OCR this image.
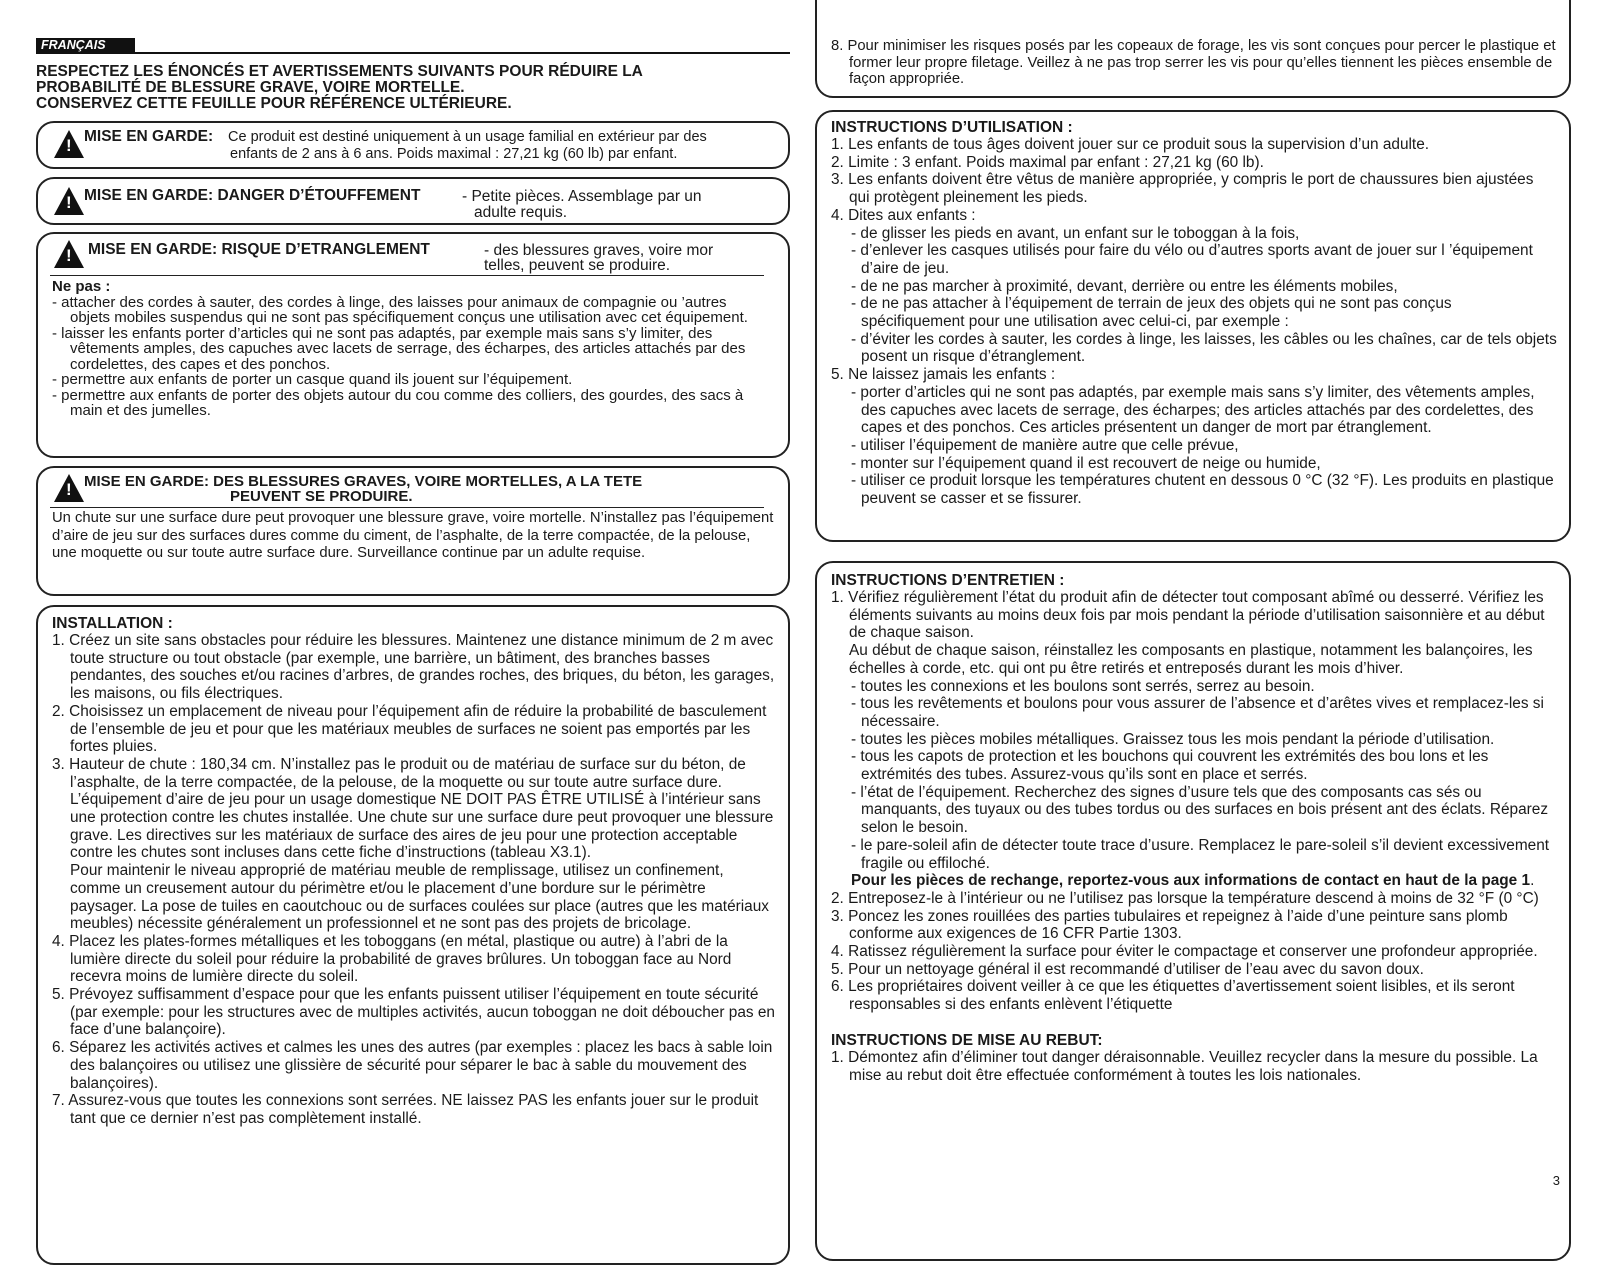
FRANÇAIS
RESPECTEZ LES ÉNONCÉS ET AVERTISSEMENTS SUIVANTS POUR RÉDUIRE LA
PROBABILITÉ DE BLESSURE GRAVE, VOIRE MORTELLE.
CONSERVEZ CETTE FEUILLE POUR RÉFÉRENCE ULTÉRIEURE.
! MISE EN GARDE: Ce produit est destiné uniquement à un usage familial en extérieur par des
enfants de 2 ans à 6 ans. Poids maximal : 27,21 kg (60 lb) par enfant.
! MISE EN GARDE: DANGER D’ÉTOUFFEMENT	- Petite pièces. Assemblage par un
adulte requis.
! MISE EN GARDE: RISQUE D’ETRANGLEMENT	- des blessures graves, voire mor
telles, peuvent se produire.
Ne pas :
- attacher des cordes à sauter, des cordes à linge, des laisses pour animaux de compagnie ou ’autres objets mobiles suspendus qui ne sont pas spécifiquement conçus une utilisation avec cet équipement.
- laisser les enfants porter d’articles qui ne sont pas adaptés, par exemple mais sans s’y limiter, des vêtements amples, des capuches avec lacets de serrage, des écharpes, des articles attachés par des cordelettes, des capes et des ponchos.
- permettre aux enfants de porter un casque quand ils jouent sur l’équipement.
- permettre aux enfants de porter des objets autour du cou comme des colliers, des gourdes, des sacs à main et des jumelles.
! MISE EN GARDE: DES BLESSURES GRAVES, VOIRE MORTELLES, A LA TETE
PEUVENT SE PRODUIRE.
Un chute sur une surface dure peut provoquer une blessure grave, voire mortelle. N’installez pas l’équipement d’aire de jeu sur des surfaces dures comme du ciment, de l’asphalte, de la terre compactée, de la pelouse, une moquette ou sur toute autre surface dure. Surveillance continue par un adulte requise.
INSTALLATION :
1. Créez un site sans obstacles pour réduire les blessures. Maintenez une distance minimum de 2 m avec toute structure ou tout obstacle (par exemple, une barrière, un bâtiment, des branches basses pendantes, des souches et/ou racines d’arbres, de grandes roches, des briques, du béton, les garages, les maisons, ou fils électriques.
2. Choisissez un emplacement de niveau pour l’équipement afin de réduire la probabilité de basculement de l’ensemble de jeu et pour que les matériaux meubles de surfaces ne soient pas emportés par les fortes pluies.
3. Hauteur de chute : 180,34 cm. N’installez pas le produit ou de matériau de surface sur du béton, de l’asphalte, de la terre compactée, de la pelouse, de la moquette ou sur toute autre surface dure. L’équipement d’aire de jeu pour un usage domestique NE DOIT PAS ÊTRE UTILISÉ à l’intérieur sans une protection contre les chutes installée. Une chute sur une surface dure peut provoquer une blessure grave. Les directives sur les matériaux de surface des aires de jeu pour une protection acceptable contre les chutes sont incluses dans cette fiche d’instructions (tableau X3.1).
Pour maintenir le niveau approprié de matériau meuble de remplissage, utilisez un confinement, comme un creusement autour du périmètre et/ou le placement d’une bordure sur le périmètre paysager. La pose de tuiles en caoutchouc ou de surfaces coulées sur place (autres que les matériaux meubles) nécessite généralement un professionnel et ne sont pas des projets de bricolage.
4. Placez les plates-formes métalliques et les toboggans (en métal, plastique ou autre) à l’abri de la lumière directe du soleil pour réduire la probabilité de graves brûlures. Un toboggan face au Nord recevra moins de lumière directe du soleil.
5. Prévoyez suffisamment d’espace pour que les enfants puissent utiliser l’équipement en toute sécurité (par exemple: pour les structures avec de multiples activités, aucun toboggan ne doit déboucher pas en face d’une balançoire).
6. Séparez les activités actives et calmes les unes des autres (par exemples : placez les bacs à sable loin des balançoires ou utilisez une glissière de sécurité pour séparer le bac à sable du mouvement des balançoires).
7. Assurez-vous que toutes les connexions sont serrées. NE laissez PAS les enfants jouer sur le produit tant que ce dernier n’est pas complètement installé.
8. Pour minimiser les risques posés par les copeaux de forage, les vis sont conçues pour percer le plastique et former leur propre filetage. Veillez à ne pas trop serrer les vis pour qu’elles tiennent les pièces ensemble de façon appropriée.
INSTRUCTIONS D’UTILISATION :
1. Les enfants de tous âges doivent jouer sur ce produit sous la supervision d’un adulte.
2. Limite : 3 enfant. Poids maximal par enfant : 27,21 kg (60 lb).
3. Les enfants doivent être vêtus de manière appropriée, y compris le port de chaussures bien ajustées qui protègent pleinement les pieds.
4. Dites aux enfants :
- de glisser les pieds en avant, un enfant sur le toboggan à la fois,
- d’enlever les casques utilisés pour faire du vélo ou d’autres sports avant de jouer sur l ’équipement d’aire de jeu.
- de ne pas marcher à proximité, devant, derrière ou entre les éléments mobiles,
- de ne pas attacher à l’équipement de terrain de jeux des objets qui ne sont pas conçus spécifiquement pour une utilisation avec celui-ci, par exemple :
- d’éviter les cordes à sauter, les cordes à linge, les laisses, les câbles ou les chaînes, car de tels objets posent un risque d’étranglement.
5. Ne laissez jamais les enfants :
- porter d’articles qui ne sont pas adaptés, par exemple mais sans s’y limiter, des vêtements amples, des capuches avec lacets de serrage, des écharpes; des articles attachés par des cordelettes, des capes et des ponchos. Ces articles présentent un danger de mort par étranglement.
- utiliser l’équipement de manière autre que celle prévue,
- monter sur l’équipement quand il est recouvert de neige ou humide,
- utiliser ce produit lorsque les températures chutent en dessous 0 °C (32 °F). Les produits en plastique peuvent se casser et se fissurer.
INSTRUCTIONS D’ENTRETIEN :
1. Vérifiez régulièrement l’état du produit afin de détecter tout composant abîmé ou desserré. Vérifiez les éléments suivants au moins deux fois par mois pendant la période d’utilisation saisonnière et au début de chaque saison.
Au début de chaque saison, réinstallez les composants en plastique, notamment les balançoires, les échelles à corde, etc. qui ont pu être retirés et entreposés durant les mois d’hiver.
- toutes les connexions et les boulons sont serrés, serrez au besoin.
- tous les revêtements et boulons pour vous assurer de l’absence et d’arêtes vives et remplacez-les si nécessaire.
- toutes les pièces mobiles métalliques. Graissez tous les mois pendant la période d’utilisation.
- tous les capots de protection et les bouchons qui couvrent les extrémités des bou lons et les extrémités des tubes. Assurez-vous qu’ils sont en place et serrés.
- l’état de l’équipement. Recherchez des signes d’usure tels que des composants cas sés ou manquants, des tuyaux ou des tubes tordus ou des surfaces en bois présent ant des éclats. Réparez selon le besoin.
- le pare-soleil afin de détecter toute trace d’usure. Remplacez le pare-soleil s’il devient excessivement fragile ou effiloché.
Pour les pièces de rechange, reportez-vous aux informations de contact en haut de la page 1.
2. Entreposez-le à l’intérieur ou ne l’utilisez pas lorsque la température descend à moins de 32 °F (0 °C)
3. Poncez les zones rouillées des parties tubulaires et repeignez à l’aide d’une peinture sans plomb conforme aux exigences de 16 CFR Partie 1303.
4. Ratissez régulièrement la surface pour éviter le compactage et conserver une profondeur appropriée.
5. Pour un nettoyage général il est recommandé d’utiliser de l’eau avec du savon doux.
6. Les propriétaires doivent veiller à ce que les étiquettes d’avertissement soient lisibles, et ils seront responsables si des enfants enlèvent l’étiquette
INSTRUCTIONS DE MISE AU REBUT:
1. Démontez afin d’éliminer tout danger déraisonnable. Veuillez recycler dans la mesure du possible. La mise au rebut doit être effectuée conformément à toutes les lois nationales.
3
